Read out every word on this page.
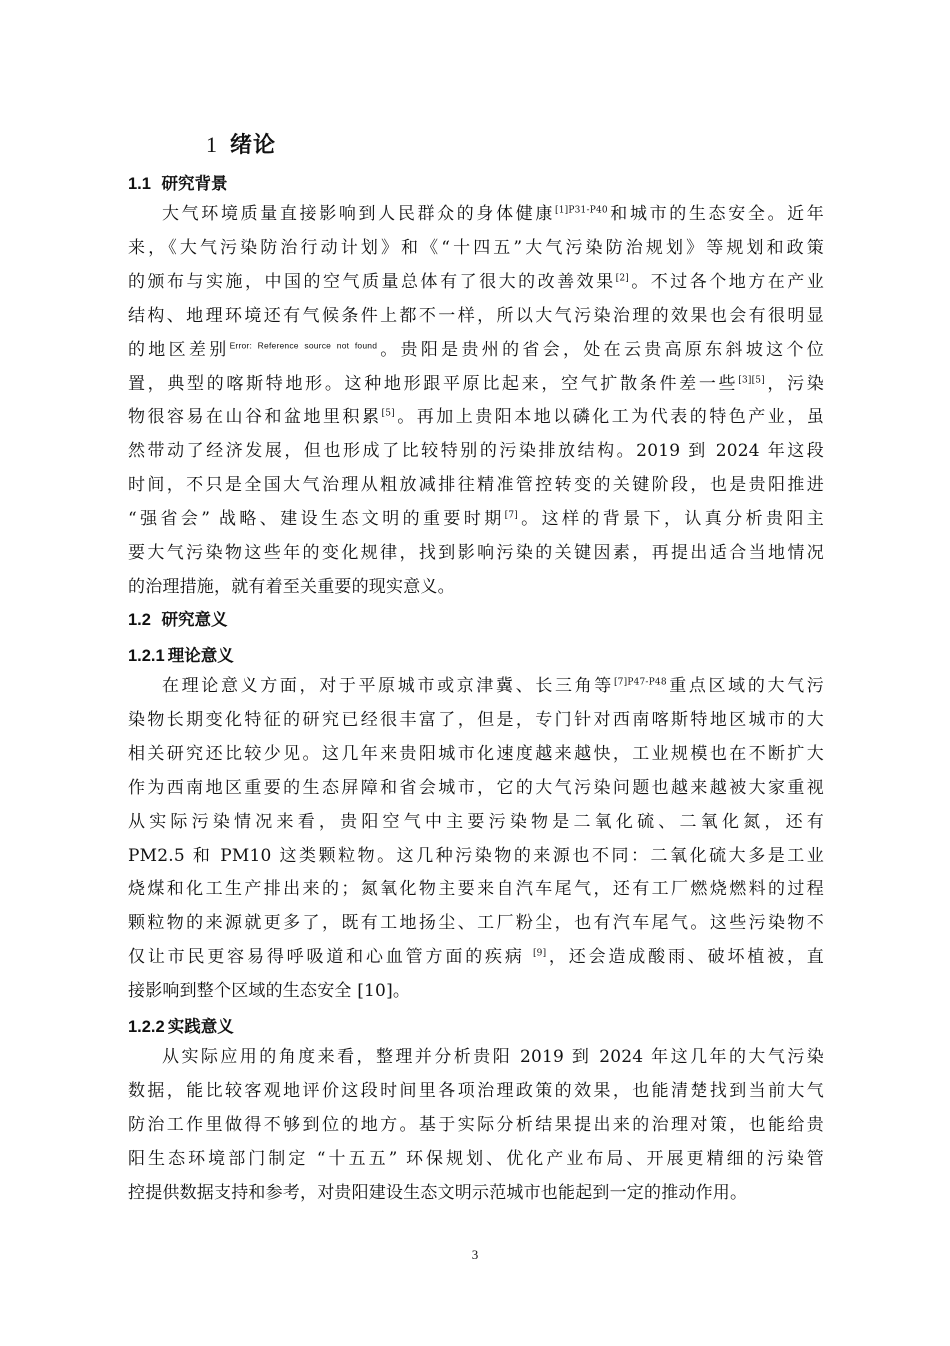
1 绪论
1.1 研究背景
大气环境质量直接影响到人民群众的身体健康$^{[1]P31-P40}$和城市的生态安全。近年
来，《大气污染防治行动计划》和《“十四五”大气污染防治规划》等规划和政策
的颁布与实施，中国的空气质量总体有了很大的改善效果[2]。不过各个地方在产业
结构、地理环境还有气候条件上都不一样，所以大气污染治理的效果也会有很明显
的地区差别$^{Error: Reference source not found}$。贵阳是贵州的省会，处在云贵高原东斜坡这个位
置，典型的喀斯特地形。这种地形跟平原比起来，空气扩散条件差一些[3][5]，污染
物很容易在山谷和盆地里积累[5]。再加上贵阳本地以磷化工为代表的特色产业，虽
然带动了经济发展，但也形成了比较特别的污染排放结构。2019 到 2024 年这段
时间，不只是全国大气治理从粗放减排往精准管控转变的关键阶段，也是贵阳推进
“强省会” 战略、建设生态文明的重要时期[7]。这样的背景下，认真分析贵阳主
要大气污染物这些年的变化规律，找到影响污染的关键因素，再提出适合当地情况
的治理措施，就有着至关重要的现实意义。
1.2 研究意义
1.2.1 理论意义
在理论意义方面，对于平原城市或京津冀、长三角等$^{[7]P47-P48}$重点区域的大气污
染物长期变化特征的研究已经很丰富了，但是，专门针对西南喀斯特地区城市的大
相关研究还比较少见。这几年来贵阳城市化速度越来越快，工业规模也在不断扩大
作为西南地区重要的生态屏障和省会城市，它的大气污染问题也越来越被大家重视
从实际污染情况来看，贵阳空气中主要污染物是二氧化硫、二氧化氮，还有
PM2.5 和 PM10 这类颗粒物。这几种污染物的来源也不同：二氧化硫大多是工业
烧煤和化工生产排出来的；氮氧化物主要来自汽车尾气，还有工厂燃烧燃料的过程
颗粒物的来源就更多了，既有工地扬尘、工厂粉尘，也有汽车尾气。这些污染物不
仅让市民更容易得呼吸道和心血管方面的疾病 [9]，还会造成酸雨、破坏植被，直
接影响到整个区域的生态安全 [10]。
1.2.2 实践意义
从实际应用的角度来看，整理并分析贵阳 2019 到 2024 年这几年的大气污染
数据，能比较客观地评价这段时间里各项治理政策的效果，也能清楚找到当前大气
防治工作里做得不够到位的地方。基于实际分析结果提出来的治理对策，也能给贵
阳生态环境部门制定 “十五五” 环保规划、优化产业布局、开展更精细的污染管
控提供数据支持和参考，对贵阳建设生态文明示范城市也能起到一定的推动作用。
3
